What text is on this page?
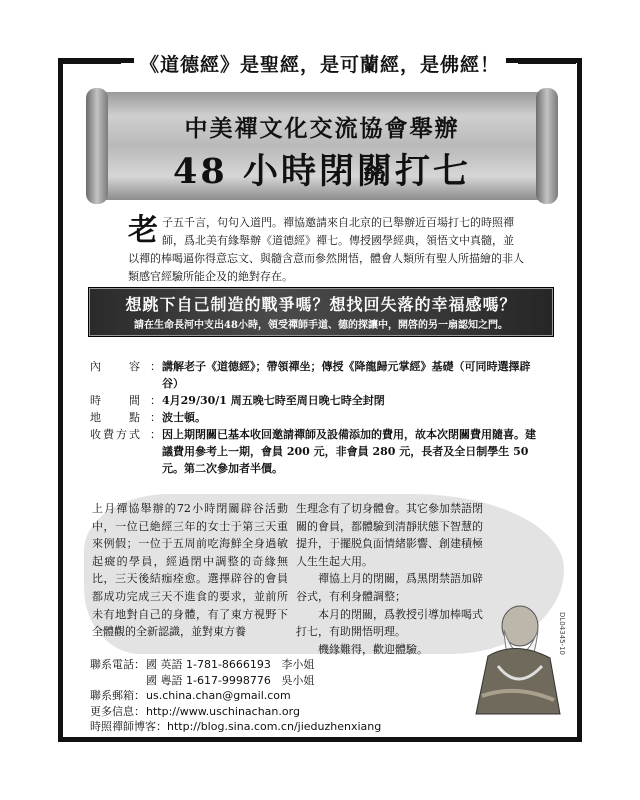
《道德經》是聖經，是可蘭經，是佛經！
中美禪文化交流協會舉辦
48 小時閉關打七
老 子五千言，句句入道門。禪協邀請來自北京的已舉辦近百場打七的時照禪師，爲北美有緣舉辦《道德經》禪七。傳授國學經典，領悟文中真髓，並以禪的棒喝逼你得意忘文、與髓含意而參然開悟，體會人類所有聖人所描繪的非人類感官經驗所能企及的絶對存在。
想跳下自己制造的戰爭嗎？想找回失落的幸福感嗎？
請在生命長河中支出48小時，領受禪師手道、德的探讓中，開啓的另一扇認知之門。
內　　容 ： 講解老子《道德經》；帶領禪坐；傳授《降龍歸元掌經》基礎（可同時選擇辟谷）
時　　間 ： 4月29/30/1 周五晚七時至周日晚七時全封閉
地　　點 ： 波士頓。
收費方式 ： 因上期閉關已基本收回邀請禪師及設備添加的費用，故本次閉關費用隨喜。建議費用參考上一期，會員 200 元，非會員 280 元，長者及全日制學生 50 元。第二次參加者半價。

上月禪協舉辦的72小時閉關辟谷活動中，一位已絶經三年的女士于第三天重來例假；一位于五周前吃海鮮全身過敏起癍的學員，經過閉中調整的奇緣無比，三天後結痂痊愈。選擇辟谷的會員都成功完成三天不進食的要求，並前所未有地對自己的身體，有了東方視野下全體觀的全新認識，並對東方養

生理念有了切身體會。其它參加禁語閉關的會員，都體驗到清靜狀態下智慧的提升，于擺脱負面情緒影響、創建積極人生生起大用。

禪協上月的閉關，爲黑閉禁語加辟谷式，有利身體調整；

本月的閉關，爲教授引導加棒喝式打七，有助開悟明理。

機緣難得，歡迎體驗。	DL04345-10
聯系電話： 國 英語
1-781-8666193
李小姐
國 粵語
1-617-9998776
吳小姐
聯系郵箱： us.china.chan@gmail.com
更多信息： http://www.uschinachan.org
時照禪師博客： http://blog.sina.com.cn/jieduzhenxiang
